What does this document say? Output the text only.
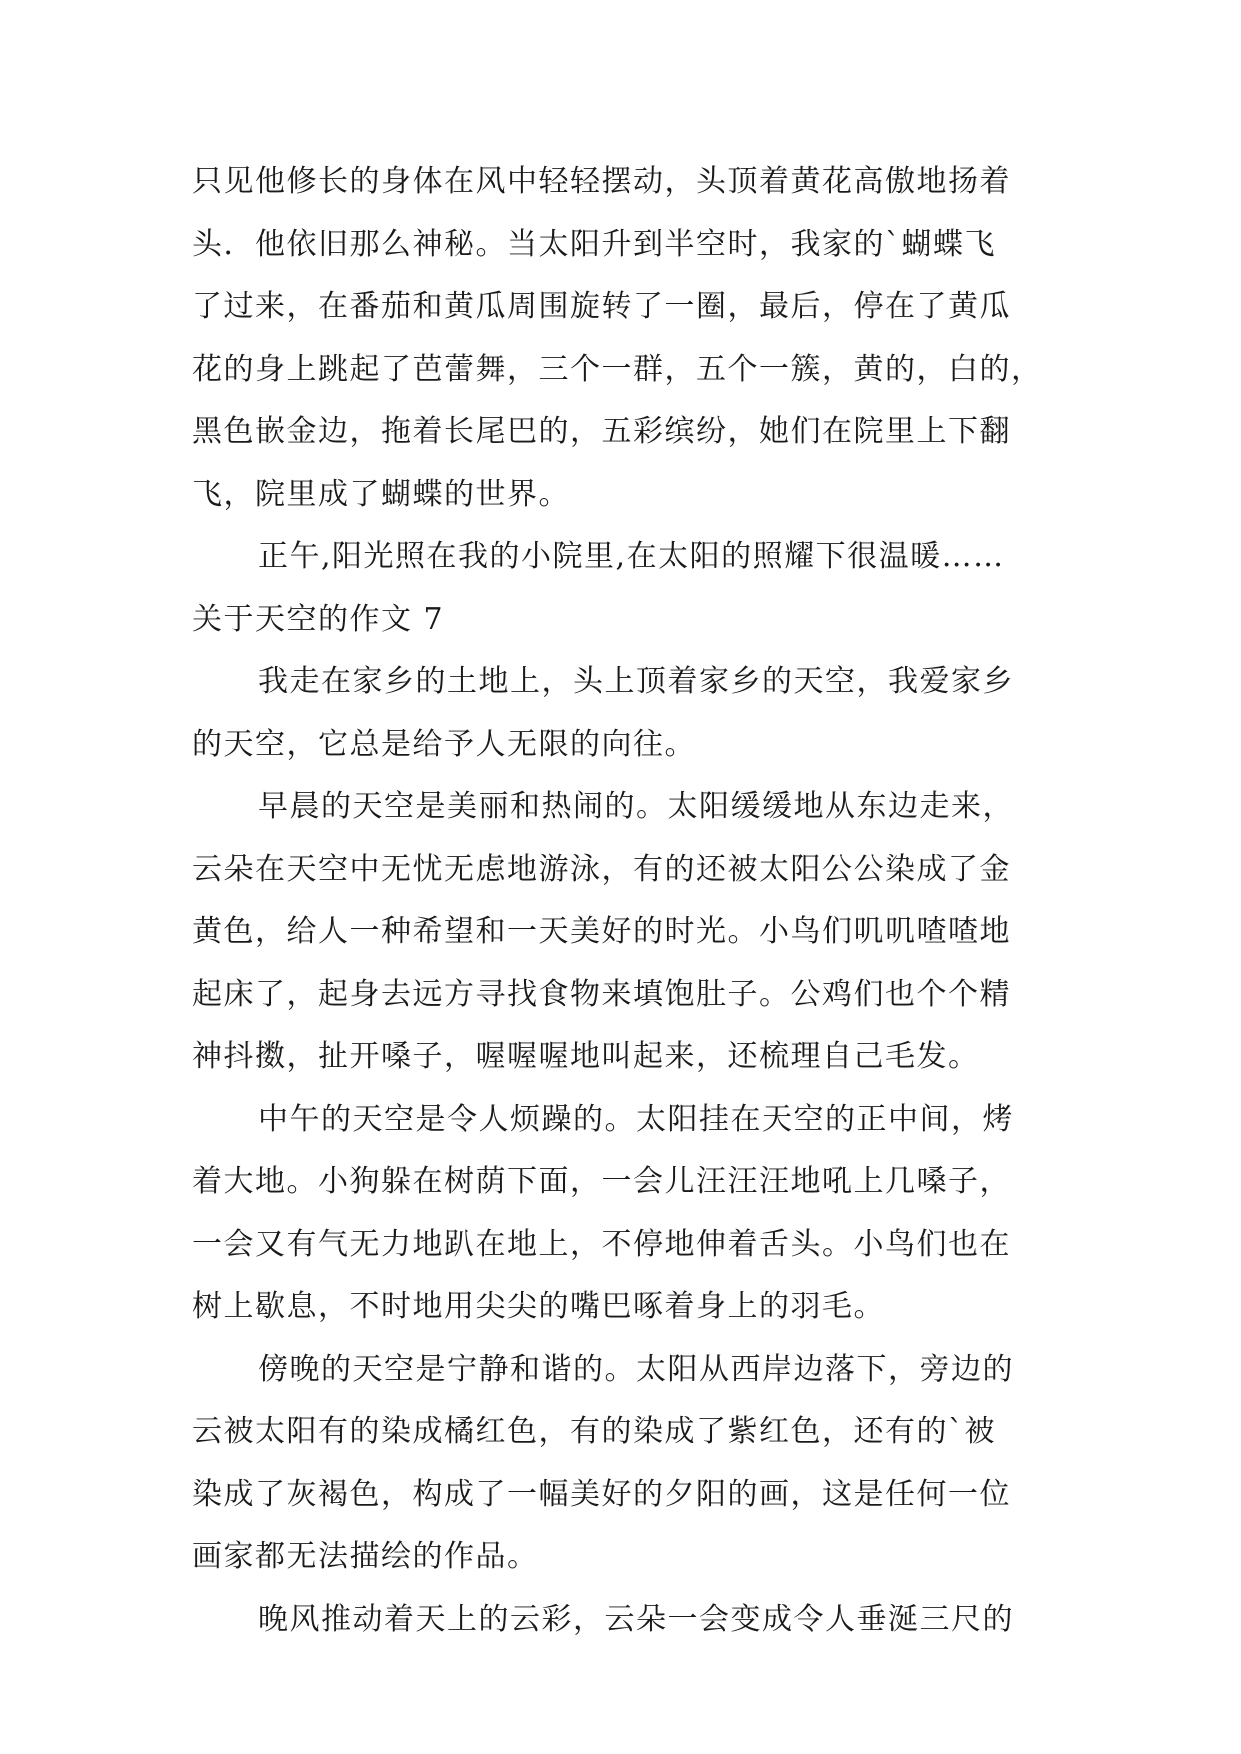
只见他修长的身体在风中轻轻摆动，头顶着黄花高傲地扬着
头．他依旧那么神秘。当太阳升到半空时，我家的`蝴蝶飞
了过来，在番茄和黄瓜周围旋转了一圈，最后，停在了黄瓜
花的身上跳起了芭蕾舞，三个一群，五个一簇，黄的，白的，
黑色嵌金边，拖着长尾巴的，五彩缤纷，她们在院里上下翻
飞，院里成了蝴蝶的世界。
正午,阳光照在我的小院里,在太阳的照耀下很温暖……
关于天空的作文 7
我走在家乡的土地上，头上顶着家乡的天空，我爱家乡
的天空，它总是给予人无限的向往。
早晨的天空是美丽和热闹的。太阳缓缓地从东边走来，
云朵在天空中无忧无虑地游泳，有的还被太阳公公染成了金
黄色，给人一种希望和一天美好的时光。小鸟们叽叽喳喳地
起床了，起身去远方寻找食物来填饱肚子。公鸡们也个个精
神抖擞，扯开嗓子，喔喔喔地叫起来，还梳理自己毛发。
中午的天空是令人烦躁的。太阳挂在天空的正中间，烤
着大地。小狗躲在树荫下面，一会儿汪汪汪地吼上几嗓子，
一会又有气无力地趴在地上，不停地伸着舌头。小鸟们也在
树上歇息，不时地用尖尖的嘴巴啄着身上的羽毛。
傍晚的天空是宁静和谐的。太阳从西岸边落下，旁边的
云被太阳有的染成橘红色，有的染成了紫红色，还有的`被
染成了灰褐色，构成了一幅美好的夕阳的画，这是任何一位
画家都无法描绘的作品。
晚风推动着天上的云彩，云朵一会变成令人垂涎三尺的
